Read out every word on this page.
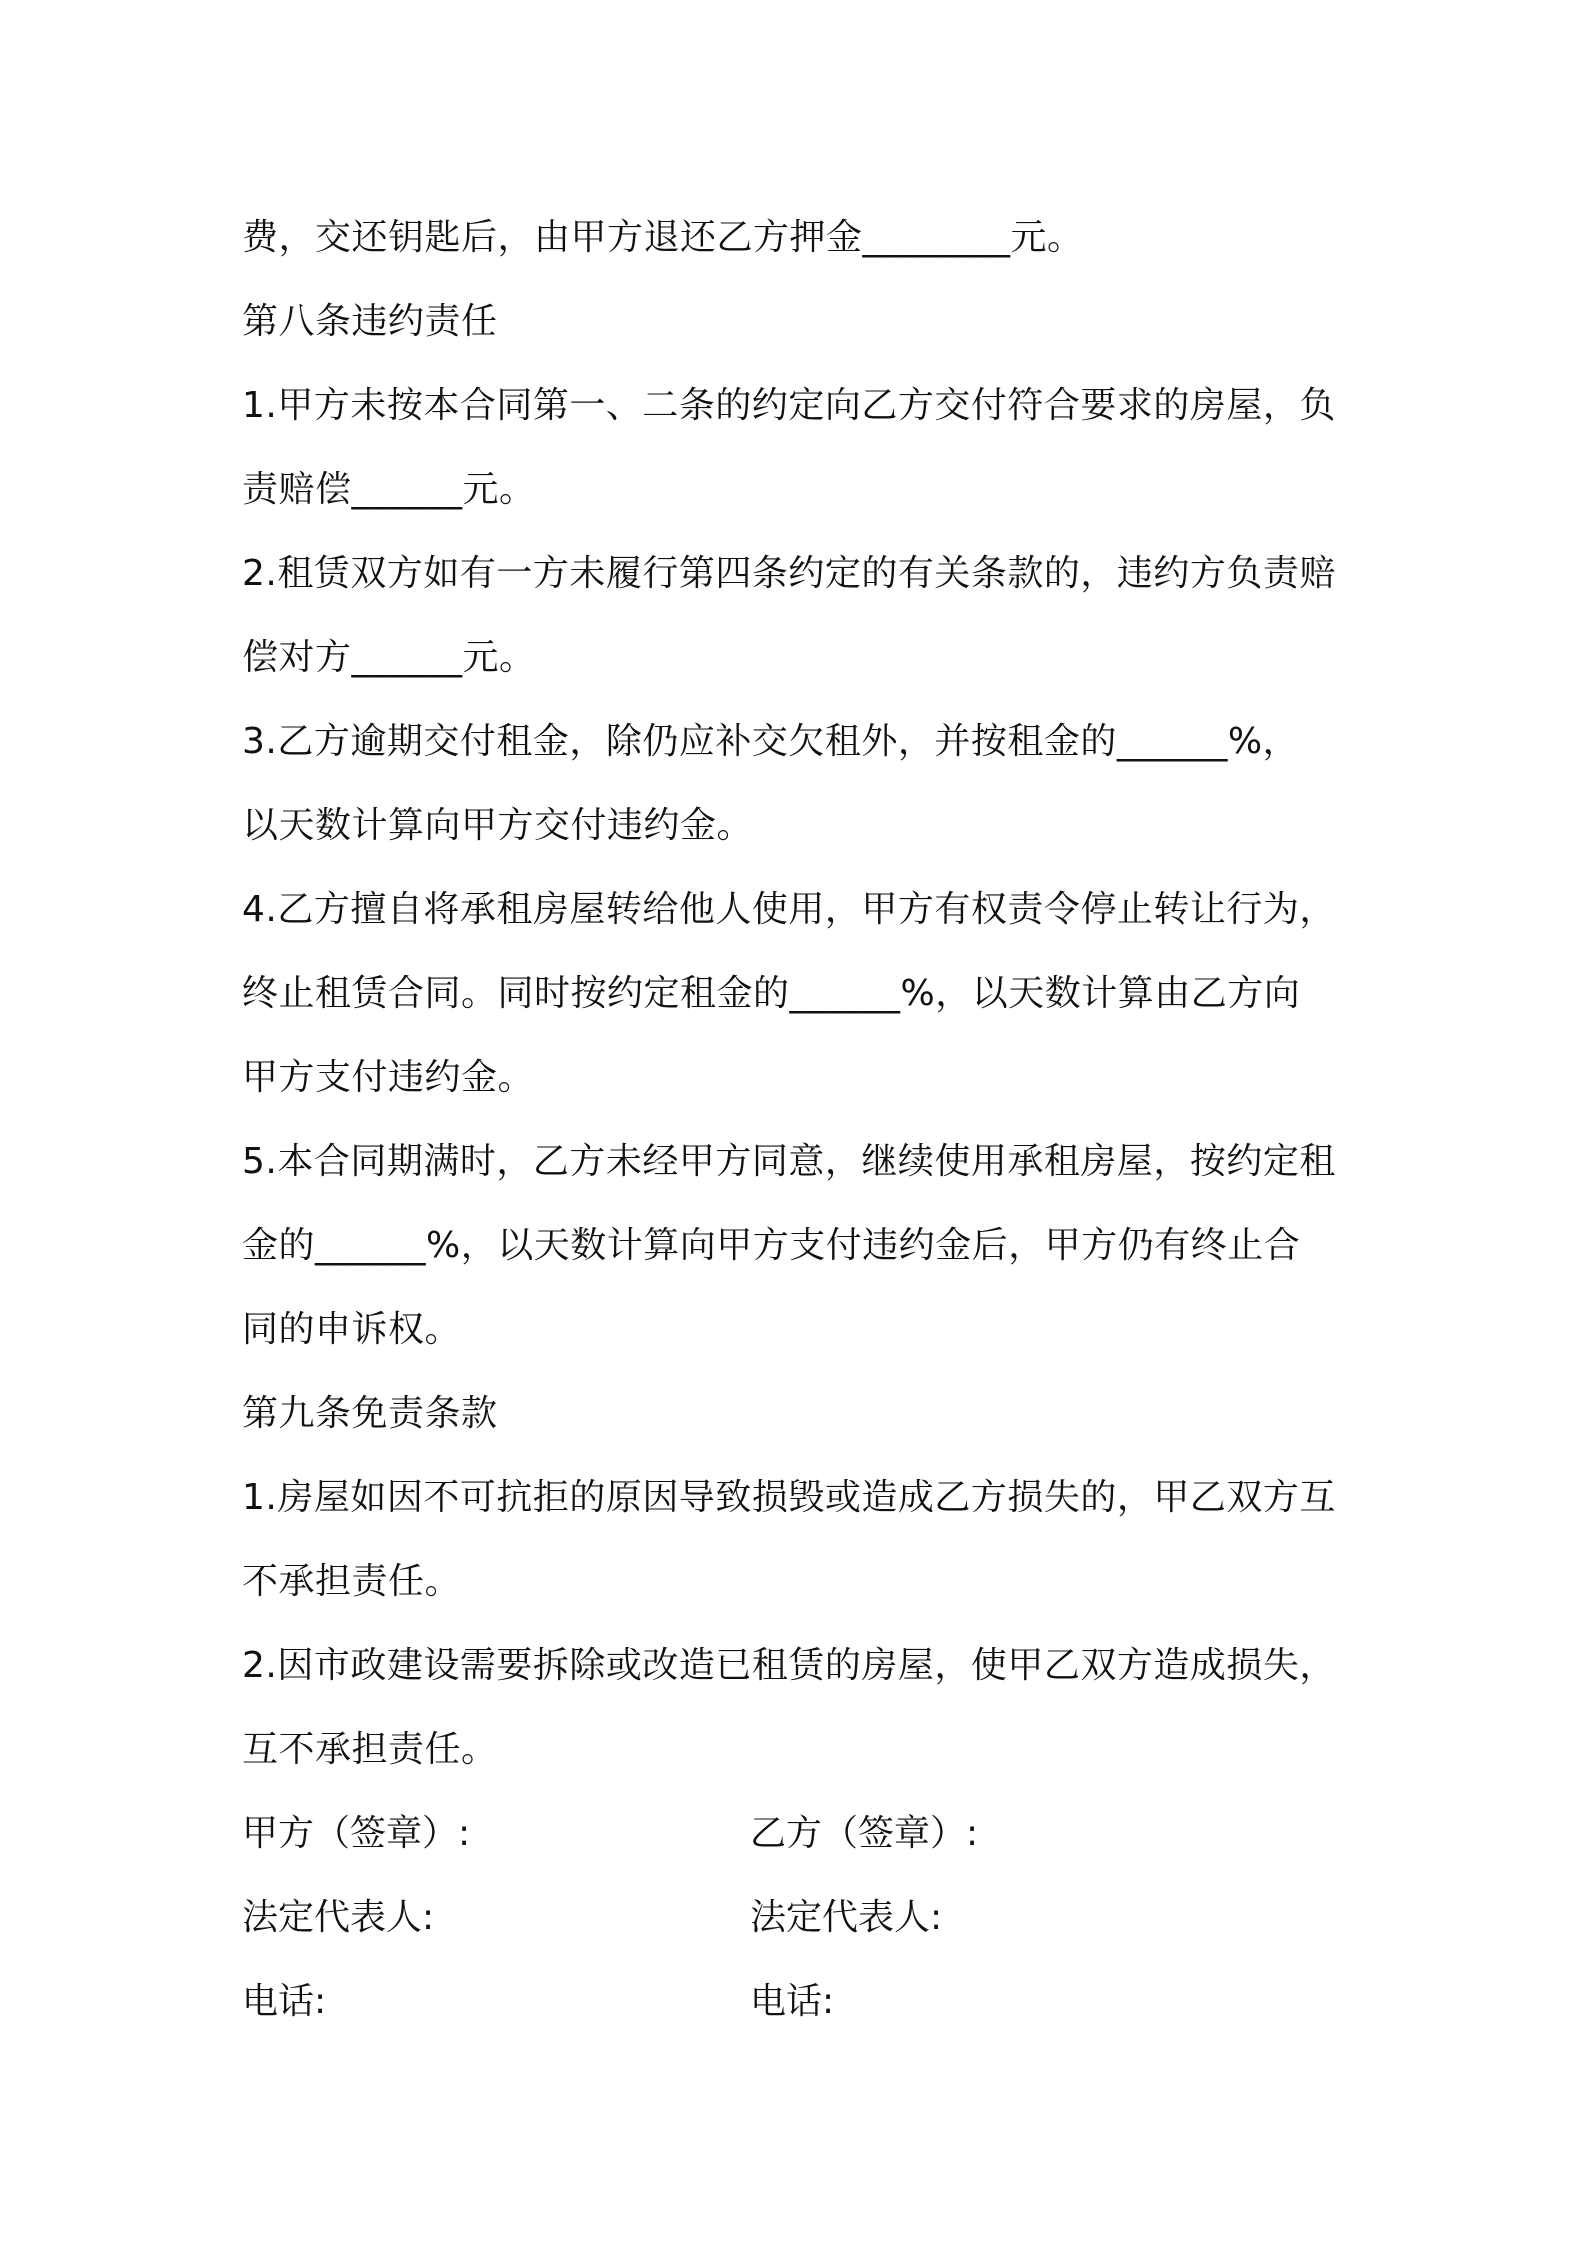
费，交还钥匙后，由甲方退还乙方押金________元。
第八条违约责任
1.甲方未按本合同第一、二条的约定向乙方交付符合要求的房屋，负
责赔偿______元。
2.租赁双方如有一方未履行第四条约定的有关条款的，违约方负责赔
偿对方______元。
3.乙方逾期交付租金，除仍应补交欠租外，并按租金的______%，
以天数计算向甲方交付违约金。
4.乙方擅自将承租房屋转给他人使用，甲方有权责令停止转让行为，
终止租赁合同。同时按约定租金的______%，以天数计算由乙方向
甲方支付违约金。
5.本合同期满时，乙方未经甲方同意，继续使用承租房屋，按约定租
金的______%，以天数计算向甲方支付违约金后，甲方仍有终止合
同的申诉权。
第九条免责条款
1.房屋如因不可抗拒的原因导致损毁或造成乙方损失的，甲乙双方互
不承担责任。
2.因市政建设需要拆除或改造已租赁的房屋，使甲乙双方造成损失，
互不承担责任。
甲方（签章）:	乙方（签章）:
法定代表人:	法定代表人:
电话:	电话:
